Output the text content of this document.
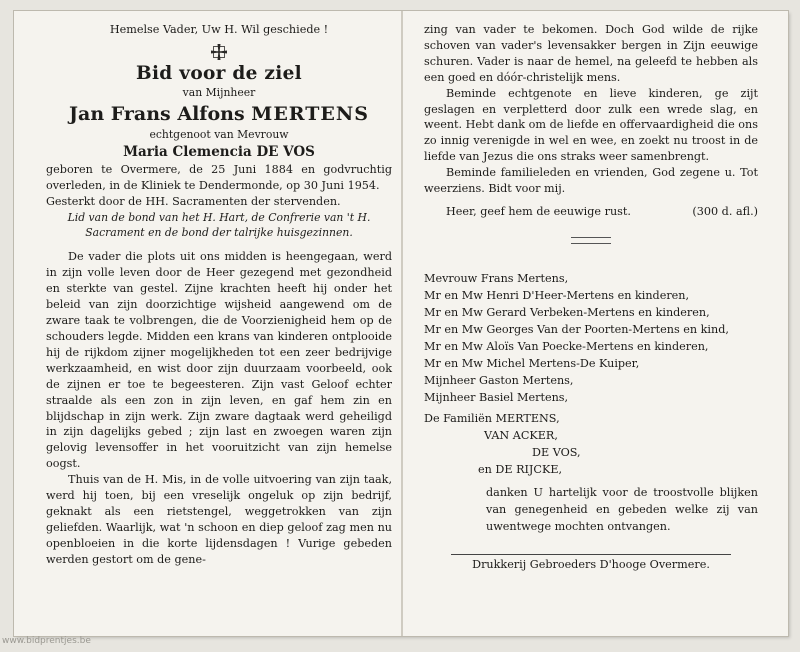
Hemelse Vader, Uw H. Wil geschiede !
Bid voor de ziel
van Mijnheer
Jan Frans Alfons MERTENS
echtgenoot van Mevrouw
Maria Clemencia DE VOS

geboren te Overmere, de 25 Juni 1884 en godvruchtig overleden, in de Kliniek te Dendermonde, op 30 Juni 1954.

Gesterkt door de HH. Sacramenten der stervenden.

Lid van de bond van het H. Hart, de Confrerie van 't H. Sacrament en de bond der talrijke huisgezinnen.

De vader die plots uit ons midden is heengegaan, werd in zijn volle leven door de Heer gezegend met gezondheid en sterkte van gestel. Zijne krachten heeft hij onder het beleid van zijn doorzichtige wijsheid aangewend om de zware taak te volbrengen, die de Voorzienigheid hem op de schouders legde. Midden een krans van kinderen ontplooide hij de rijkdom zijner mogelijkheden tot een zeer bedrijvige werkzaamheid, en wist door zijn duurzaam voorbeeld, ook de zijnen er toe te begeesteren. Zijn vast Geloof echter straalde als een zon in zijn leven, en gaf hem zin en blijdschap in zijn werk. Zijn zware dagtaak werd geheiligd in zijn dagelijks gebed ; zijn last en zwoegen waren zijn gelovig levensoffer in het vooruitzicht van zijn hemelse oogst.

Thuis van de H. Mis, in de volle uitvoering van zijn taak, werd hij toen, bij een vreselijk ongeluk op zijn bedrijf, geknakt als een rietstengel, weggetrokken van zijn geliefden. Waarlijk, wat 'n schoon en diep geloof zag men nu openbloeien in die korte lijdensdagen ! Vurige gebeden werden gestort om de gene-

zing van vader te bekomen. Doch God wilde de rijke schoven van vader's levensakker bergen in Zijn eeuwige schuren. Vader is naar de hemel, na geleefd te hebben als een goed en dóór-christelijk mens.

Beminde echtgenote en lieve kinderen, ge zijt geslagen en verpletterd door zulk een wrede slag, en weent. Hebt dank om de liefde en offervaardigheid die ons zo innig verenigde in wel en wee, en zoekt nu troost in de liefde van Jezus die ons straks weer samenbrengt.

Beminde familieleden en vrienden, God zegene u. Tot weerziens. Bidt voor mij.

Heer, geef hem de eeuwige rust.	(300 d. afl.)
Mevrouw Frans Mertens,
Mr en Mw Henri D'Heer-Mertens en kinderen,
Mr en Mw Gerard Verbeken-Mertens en kinderen,
Mr en Mw Georges Van der Poorten-Mertens en kind,
Mr en Mw Aloïs Van Poecke-Mertens en kinderen,
Mr en Mw Michel Mertens-De Kuiper,
Mijnheer Gaston Mertens,
Mijnheer Basiel Mertens,
De Familiën MERTENS,
VAN ACKER,
DE VOS,
en DE RIJCKE,

danken U hartelijk voor de troostvolle blijken van genegenheid en gebeden welke zij van uwentwege mochten ontvangen.

Drukkerij Gebroeders D'hooge Overmere.
www.bidprentjes.be
